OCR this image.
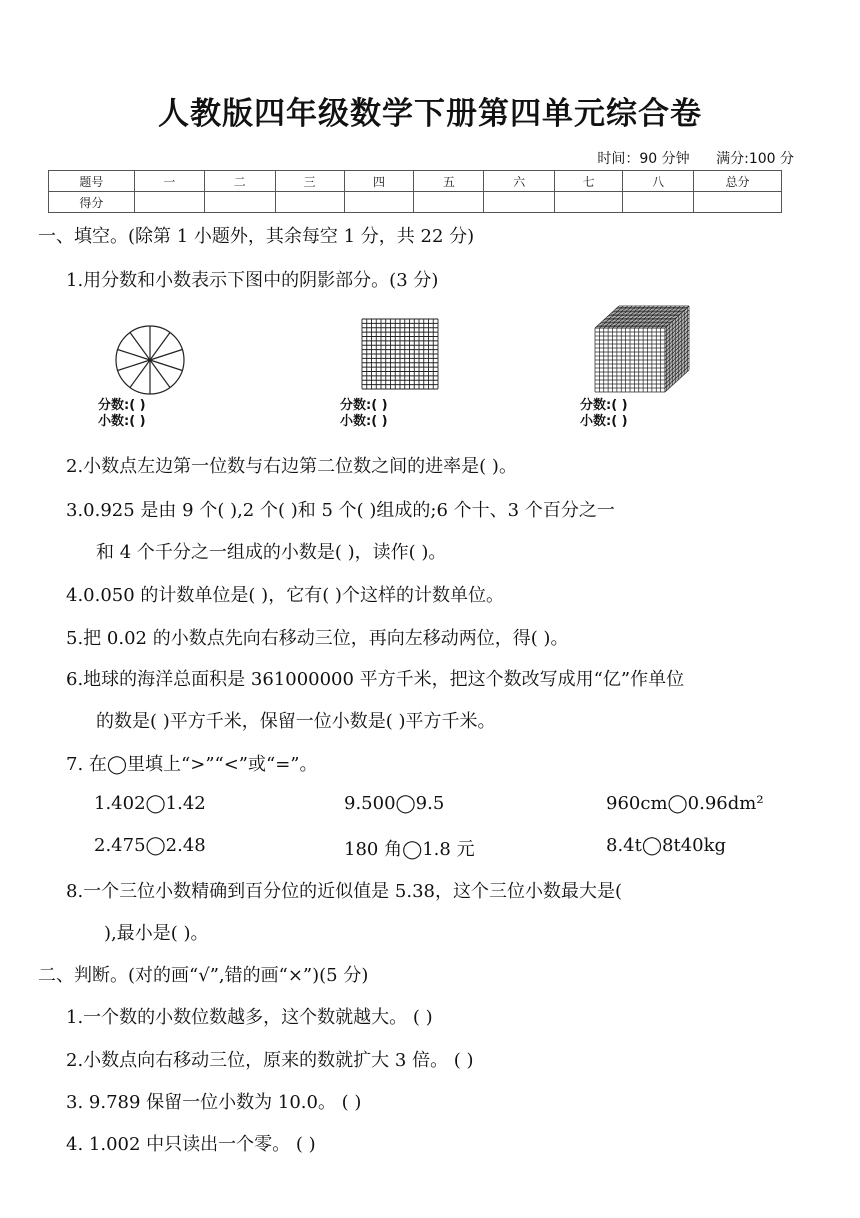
人教版四年级数学下册第四单元综合卷
时间：90 分钟 满分:100 分
题号	一	二	三	四	五	六	七	八	总分
得分									
一、填空。(除第 1 小题外，其余每空 1 分，共 22 分)
1.用分数和小数表示下图中的阴影部分。(3 分)
分数:( )
小数:( )
分数:( )
小数:( )
分数:( )
小数:( )
2.小数点左边第一位数与右边第二位数之间的进率是( )。
3.0.925 是由 9 个( ),2 个( )和 5 个( )组成的;6 个十、3 个百分之一
和 4 个千分之一组成的小数是( )，读作( )。
4.0.050 的计数单位是( )，它有( )个这样的计数单位。
5.把 0.02 的小数点先向右移动三位，再向左移动两位，得( )。
6.地球的海洋总面积是 361000000 平方千米，把这个数改写成用“亿”作单位
的数是( )平方千米，保留一位小数是( )平方千米。
7. 在◯里填上“>”“<”或“=”。
1.402◯1.42	9.500◯9.5	960cm◯0.96dm²
2.475◯2.48	180 角◯1.8 元	8.4t◯8t40kg
8.一个三位小数精确到百分位的近似值是 5.38，这个三位小数最大是(
),最小是( )。
二、判断。(对的画“√”,错的画“×”)(5 分)
1.一个数的小数位数越多，这个数就越大。 ( )
2.小数点向右移动三位，原来的数就扩大 3 倍。 ( )
3. 9.789 保留一位小数为 10.0。 ( )
4. 1.002 中只读出一个零。 ( )
